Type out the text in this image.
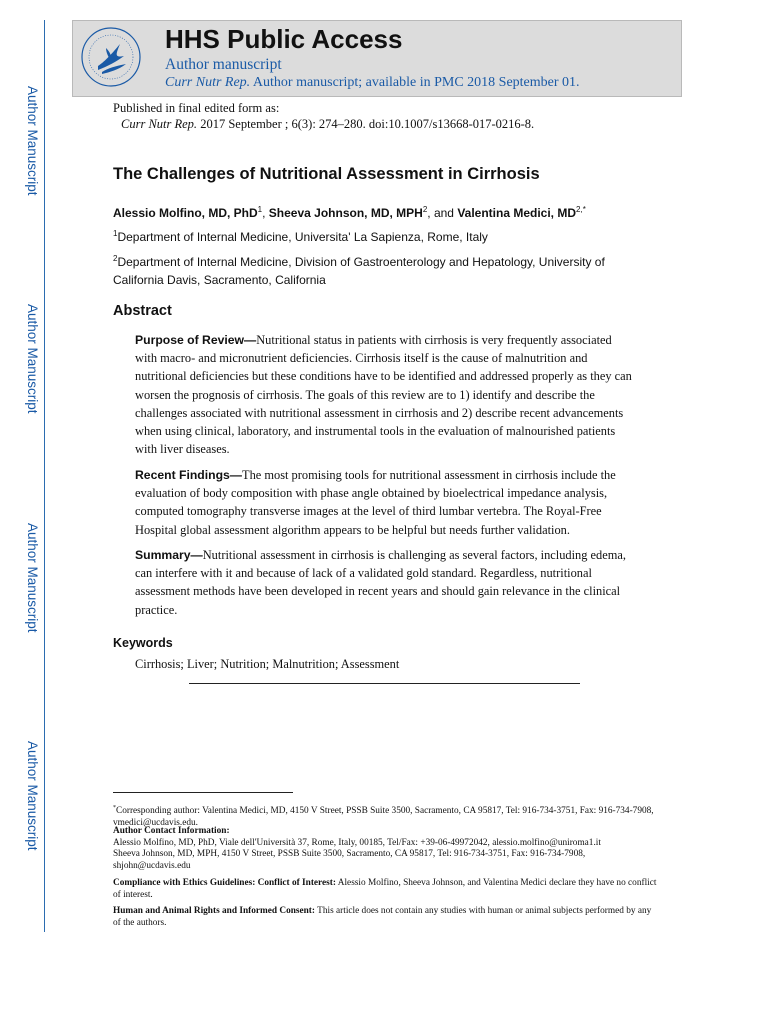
Author Manuscript
Author Manuscript
Author Manuscript
Author Manuscript
HHS Public Access
Author manuscript
Curr Nutr Rep. Author manuscript; available in PMC 2018 September 01.
Published in final edited form as:
Curr Nutr Rep. 2017 September ; 6(3): 274–280. doi:10.1007/s13668-017-0216-8.
The Challenges of Nutritional Assessment in Cirrhosis
Alessio Molfino, MD, PhD$^1$, Sheeva Johnson, MD, MPH$^2$, and Valentina Medici, $MD^{2,*}$
$^1$Department of Internal Medicine, Universita' La Sapienza, Rome, Italy
$^2$Department of Internal Medicine, Division of Gastroenterology and Hepatology, University of California Davis, Sacramento, California
Abstract
Purpose of Review—Nutritional status in patients with cirrhosis is very frequently associated with macro- and micronutrient deficiencies. Cirrhosis itself is the cause of malnutrition and nutritional deficiencies but these conditions have to be identified and addressed properly as they can worsen the prognosis of cirrhosis. The goals of this review are to 1) identify and describe the challenges associated with nutritional assessment in cirrhosis and 2) describe recent advancements when using clinical, laboratory, and instrumental tools in the evaluation of malnourished patients with liver diseases.
Recent Findings—The most promising tools for nutritional assessment in cirrhosis include the evaluation of body composition with phase angle obtained by bioelectrical impedance analysis, computed tomography transverse images at the level of third lumbar vertebra. The Royal-Free Hospital global assessment algorithm appears to be helpful but needs further validation.
Summary—Nutritional assessment in cirrhosis is challenging as several factors, including edema, can interfere with it and because of lack of a validated gold standard. Regardless, nutritional assessment methods have been developed in recent years and should gain relevance in the clinical practice.
Keywords
Cirrhosis; Liver; Nutrition; Malnutrition; Assessment
*Corresponding author: Valentina Medici, MD, 4150 V Street, PSSB Suite 3500, Sacramento, CA 95817, Tel: 916-734-3751, Fax: 916-734-7908, vmedici@ucdavis.edu.
Author Contact Information:
Alessio Molfino, MD, PhD, Viale dell'Università 37, Rome, Italy, 00185, Tel/Fax: +39-06-49972042, alessio.molfino@uniroma1.it
Sheeva Johnson, MD, MPH, 4150 V Street, PSSB Suite 3500, Sacramento, CA 95817, Tel: 916-734-3751, Fax: 916-734-7908, shjohn@ucdavis.edu
Compliance with Ethics Guidelines: Conflict of Interest: Alessio Molfino, Sheeva Johnson, and Valentina Medici declare they have no conflict of interest.
Human and Animal Rights and Informed Consent: This article does not contain any studies with human or animal subjects performed by any of the authors.
